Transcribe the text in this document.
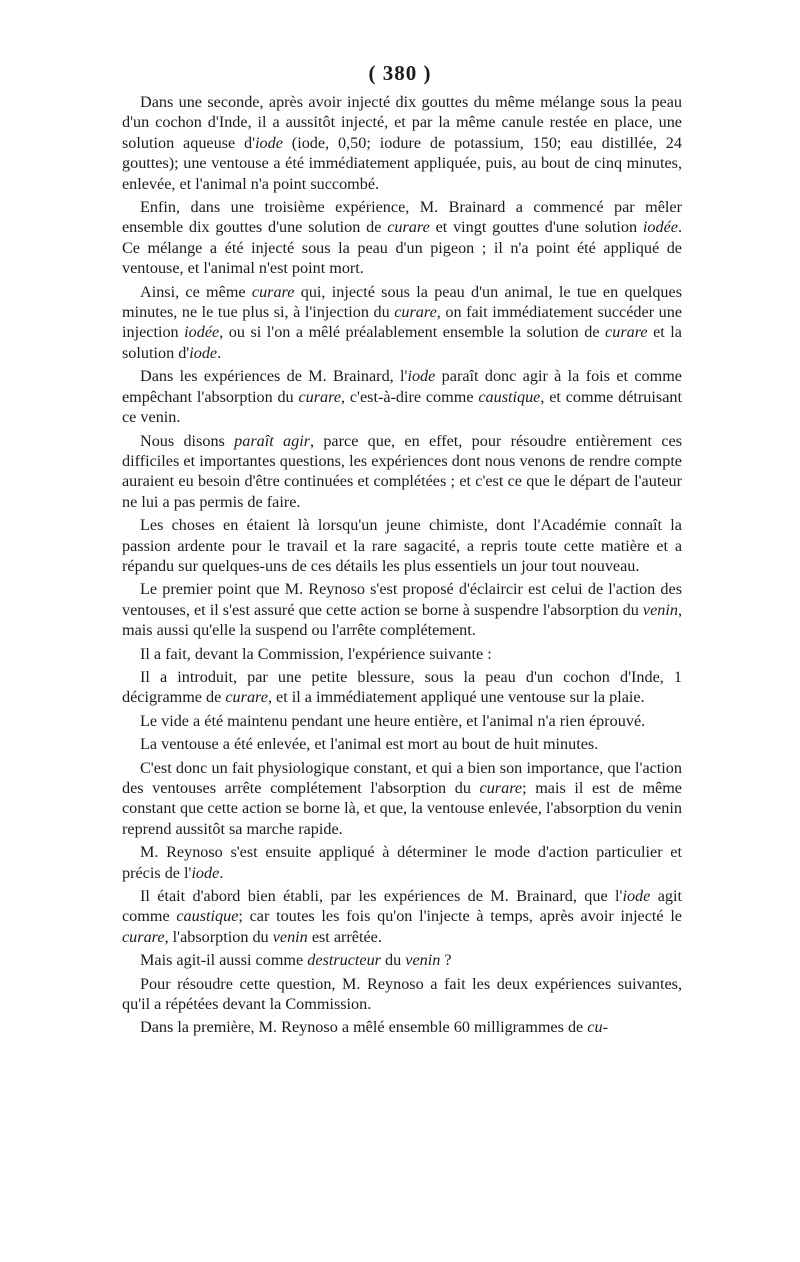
( 380 )

Dans une seconde, après avoir injecté dix gouttes du même mélange sous la peau d'un cochon d'Inde, il a aussitôt injecté, et par la même canule restée en place, une solution aqueuse d'iode (iode, 0,50; iodure de potassium, 150; eau distillée, 24 gouttes); une ventouse a été immédiatement appliquée, puis, au bout de cinq minutes, enlevée, et l'animal n'a point succombé.

Enfin, dans une troisième expérience, M. Brainard a commencé par mêler ensemble dix gouttes d'une solution de curare et vingt gouttes d'une solution iodée. Ce mélange a été injecté sous la peau d'un pigeon ; il n'a point été appliqué de ventouse, et l'animal n'est point mort.

Ainsi, ce même curare qui, injecté sous la peau d'un animal, le tue en quelques minutes, ne le tue plus si, à l'injection du curare, on fait immédiatement succéder une injection iodée, ou si l'on a mêlé préalablement ensemble la solution de curare et la solution d'iode.

Dans les expériences de M. Brainard, l'iode paraît donc agir à la fois et comme empêchant l'absorption du curare, c'est-à-dire comme caustique, et comme détruisant ce venin.

Nous disons paraît agir, parce que, en effet, pour résoudre entièrement ces difficiles et importantes questions, les expériences dont nous venons de rendre compte auraient eu besoin d'être continuées et complétées ; et c'est ce que le départ de l'auteur ne lui a pas permis de faire.

Les choses en étaient là lorsqu'un jeune chimiste, dont l'Académie connaît la passion ardente pour le travail et la rare sagacité, a repris toute cette matière et a répandu sur quelques-uns de ces détails les plus essentiels un jour tout nouveau.

Le premier point que M. Reynoso s'est proposé d'éclaircir est celui de l'action des ventouses, et il s'est assuré que cette action se borne à suspendre l'absorption du venin, mais aussi qu'elle la suspend ou l'arrête complétement.

Il a fait, devant la Commission, l'expérience suivante :

Il a introduit, par une petite blessure, sous la peau d'un cochon d'Inde, 1 décigramme de curare, et il a immédiatement appliqué une ventouse sur la plaie.

Le vide a été maintenu pendant une heure entière, et l'animal n'a rien éprouvé.

La ventouse a été enlevée, et l'animal est mort au bout de huit minutes.

C'est donc un fait physiologique constant, et qui a bien son importance, que l'action des ventouses arrête complétement l'absorption du curare; mais il est de même constant que cette action se borne là, et que, la ventouse enlevée, l'absorption du venin reprend aussitôt sa marche rapide.

M. Reynoso s'est ensuite appliqué à déterminer le mode d'action particulier et précis de l'iode.

Il était d'abord bien établi, par les expériences de M. Brainard, que l'iode agit comme caustique; car toutes les fois qu'on l'injecte à temps, après avoir injecté le curare, l'absorption du venin est arrêtée.

Mais agit-il aussi comme destructeur du venin ?

Pour résoudre cette question, M. Reynoso a fait les deux expériences suivantes, qu'il a répétées devant la Commission.

Dans la première, M. Reynoso a mêlé ensemble 60 milligrammes de cu-
